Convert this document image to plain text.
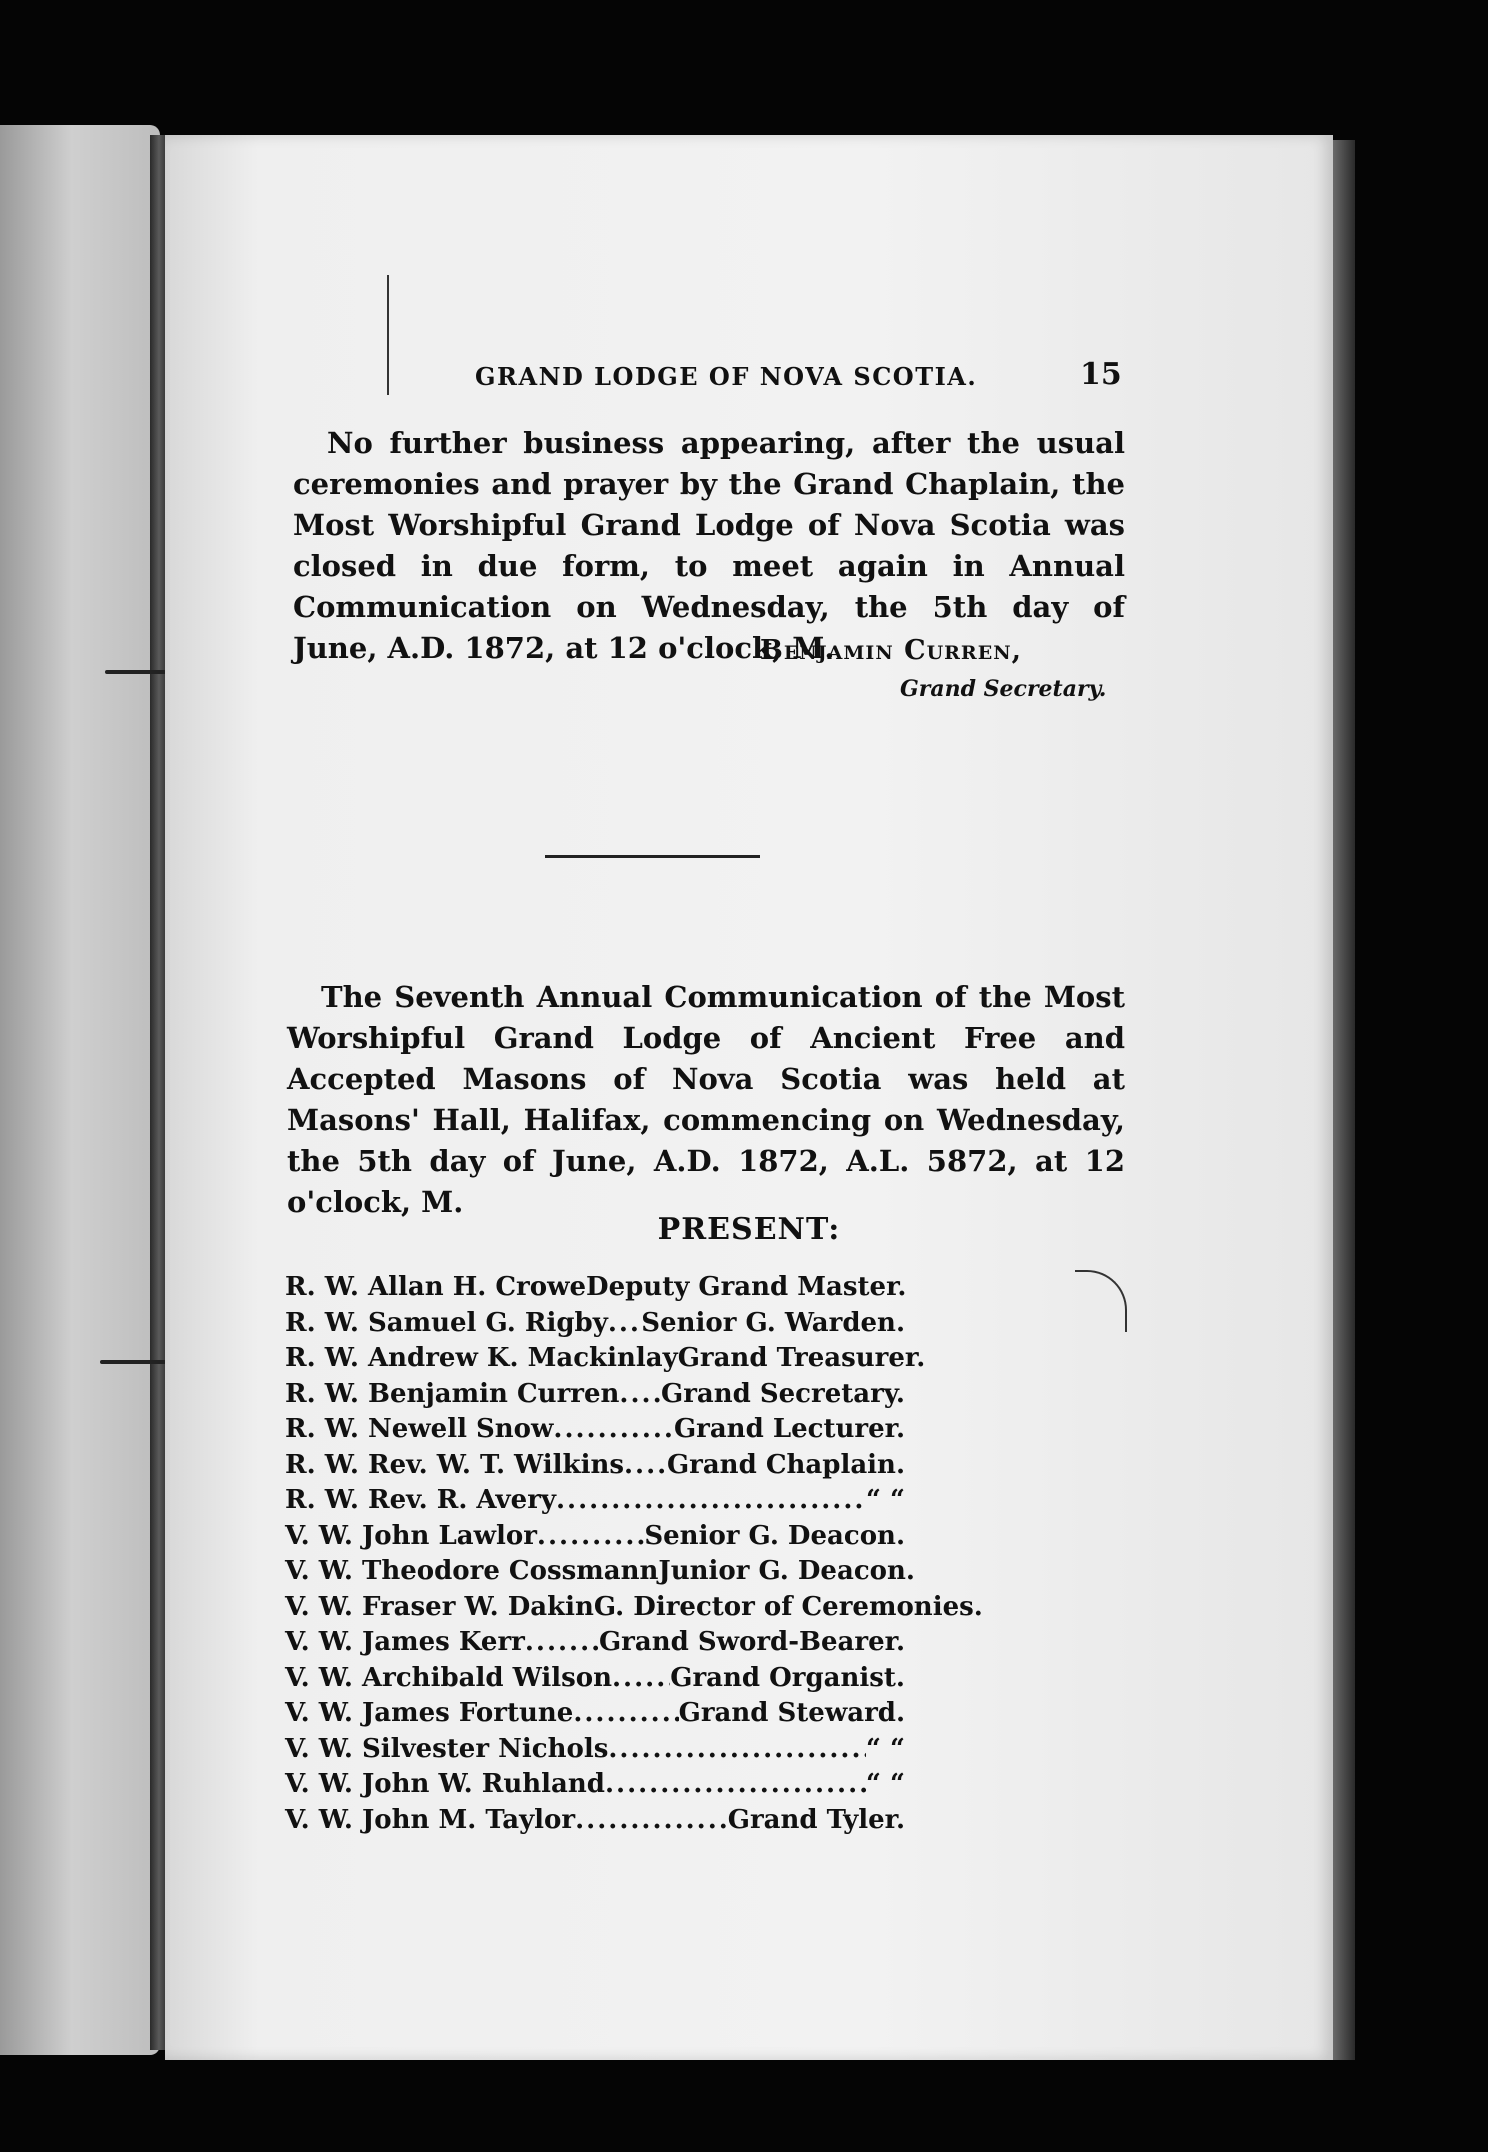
GRAND LODGE OF NOVA SCOTIA.	15

No further business appearing, after the usual ceremonies and prayer by the Grand Chaplain, the Most Worshipful Grand Lodge of Nova Scotia was closed in due form, to meet again in Annual Communication on Wednesday, the 5th day of June, A.D. 1872, at 12 o'clock, M.

Benjamin Curren,
Grand Secretary.

The Seventh Annual Communication of the Most Worshipful Grand Lodge of Ancient Free and Accepted Masons of Nova Scotia was held at Masons' Hall, Halifax, commencing on Wednesday, the 5th day of June, A.D. 1872, A.L. 5872, at 12 o'clock, M.

PRESENT:
R. W. Allan H. Crowe Deputy Grand Master.
R. W. Samuel G. Rigby ..... Senior G. Warden.
R. W. Andrew K. Mackinlay Grand Treasurer.
R. W. Benjamin Curren ..... Grand Secretary.
R. W. Newell Snow .....	Grand Lecturer.
R. W. Rev. W. T. Wilkins ..... Grand Chaplain.
R. W. Rev. R. Avery .....	“ “
V. W. John Lawlor .....	Senior G. Deacon.
V. W. Theodore Cossmann Junior G. Deacon.
V. W. Fraser W. Dakin G. Director of Ceremonies.
V. W. James Kerr .....	Grand Sword-Bearer.
V. W. Archibald Wilson ..... Grand Organist.
V. W. James Fortune .....	Grand Steward.
V. W. Silvester Nichols .....	“ “
V. W. John W. Ruhland .....	“ “
V. W. John M. Taylor .....	Grand Tyler.
